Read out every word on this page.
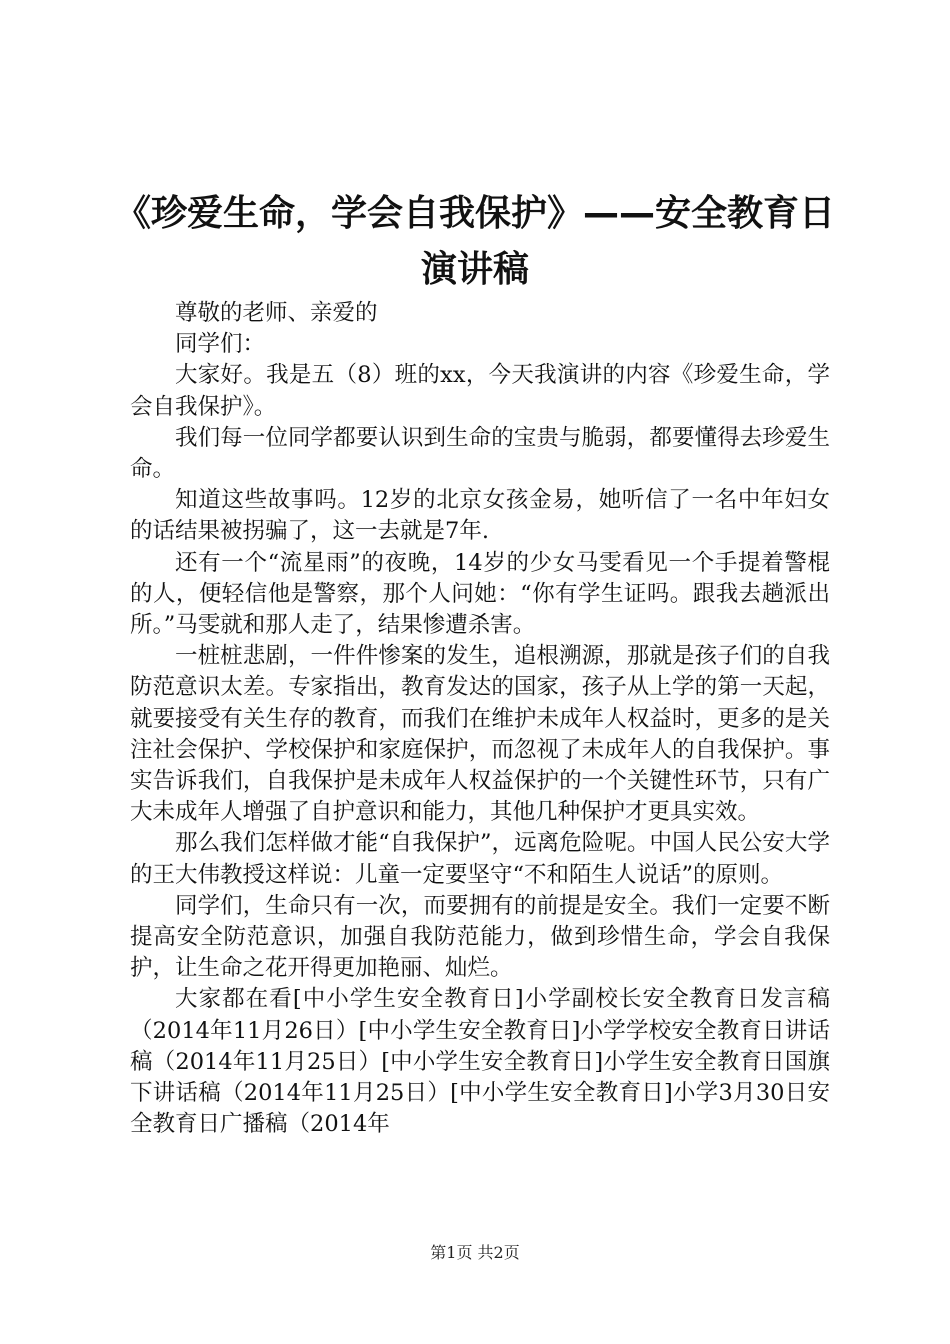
《珍爱生命，学会自我保护》——安全教育日
演讲稿

尊敬的老师、亲爱的

同学们：

大家好。我是五（8）班的xx，今天我演讲的内容《珍爱生命，学会自我保护》。

我们每一位同学都要认识到生命的宝贵与脆弱，都要懂得去珍爱生命。

知道这些故事吗。12岁的北京女孩金易，她听信了一名中年妇女的话结果被拐骗了，这一去就是7年.

还有一个“流星雨”的夜晚，14岁的少女马雯看见一个手提着警棍的人，便轻信他是警察，那个人问她：“你有学生证吗。跟我去趟派出所。”马雯就和那人走了，结果惨遭杀害。

一桩桩悲剧，一件件惨案的发生，追根溯源，那就是孩子们的自我防范意识太差。专家指出，教育发达的国家，孩子从上学的第一天起，就要接受有关生存的教育，而我们在维护未成年人权益时，更多的是关注社会保护、学校保护和家庭保护，而忽视了未成年人的自我保护。事实告诉我们，自我保护是未成年人权益保护的一个关键性环节，只有广大未成年人增强了自护意识和能力，其他几种保护才更具实效。

那么我们怎样做才能“自我保护”，远离危险呢。中国人民公安大学的王大伟教授这样说：儿童一定要坚守“不和陌生人说话”的原则。

同学们，生命只有一次，而要拥有的前提是安全。我们一定要不断提高安全防范意识，加强自我防范能力，做到珍惜生命，学会自我保护，让生命之花开得更加艳丽、灿烂。

大家都在看[中小学生安全教育日]小学副校长安全教育日发言稿（2014年11月26日）[中小学生安全教育日]小学学校安全教育日讲话稿（2014年11月25日）[中小学生安全教育日]小学生安全教育日国旗下讲话稿（2014年11月25日）[中小学生安全教育日]小学3月30日安全教育日广播稿（2014年

第1页 共2页
